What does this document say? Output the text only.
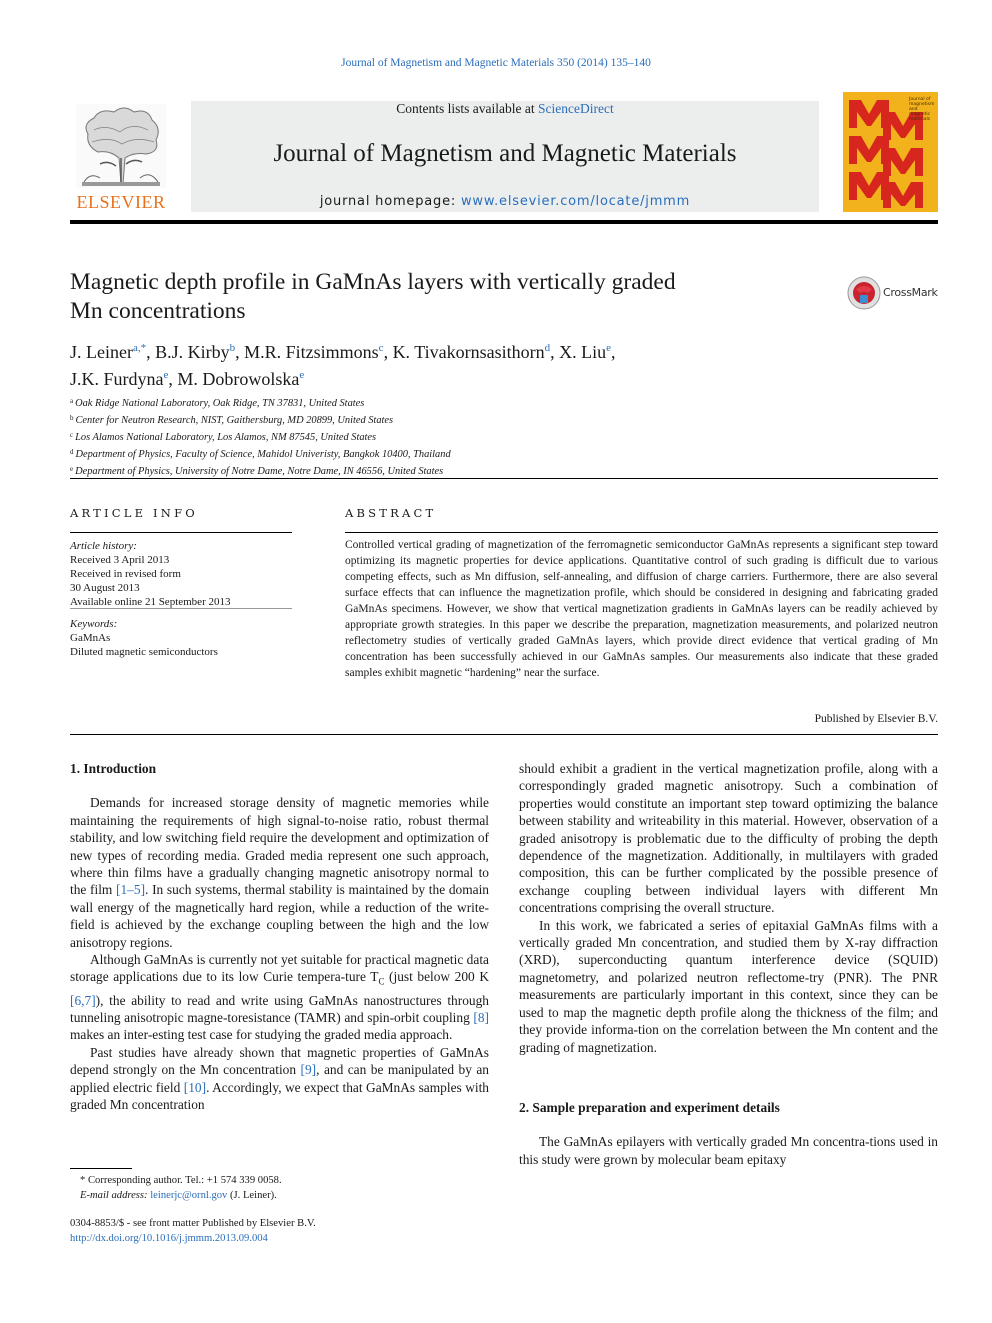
Journal of Magnetism and Magnetic Materials 350 (2014) 135–140
ELSEVIER
Contents lists available at ScienceDirect
Journal of Magnetism and Magnetic Materials
journal homepage: www.elsevier.com/locate/jmmm
Journal of magnetism and magnetic materials
Magnetic depth profile in GaMnAs layers with vertically graded
Mn concentrations
CrossMark
J. Leiner$^{a,*}$, B.J. Kirby$^b$, M.R. Fitzsimmons$^c$, K. Tivakornsasithorn$^d$, X. Liu$^e$,
J.K. Furdyna$^e$, M. Dobrowolska$^e$
$^a$ Oak Ridge National Laboratory, Oak Ridge, TN 37831, United States
$^b$ Center for Neutron Research, NIST, Gaithersburg, MD 20899, United States
$^c$ Los Alamos National Laboratory, Los Alamos, NM 87545, United States
$^d$ Department of Physics, Faculty of Science, Mahidol Univeristy, Bangkok 10400, Thailand
$^e$ Department of Physics, University of Notre Dame, Notre Dame, IN 46556, United States
ARTICLE INFO
Article history:
Received 3 April 2013
Received in revised form
30 August 2013
Available online 21 September 2013
Keywords:
GaMnAs
Diluted magnetic semiconductors
ABSTRACT
Controlled vertical grading of magnetization of the ferromagnetic semiconductor GaMnAs represents a significant step toward optimizing its magnetic properties for device applications. Quantitative control of such grading is difficult due to various competing effects, such as Mn diffusion, self-annealing, and diffusion of charge carriers. Furthermore, there are also several surface effects that can influence the magnetization profile, which should be considered in designing and fabricating graded GaMnAs specimens. However, we show that vertical magnetization gradients in GaMnAs layers can be readily achieved by appropriate growth strategies. In this paper we describe the preparation, magnetization measurements, and polarized neutron reflectometry studies of vertically graded GaMnAs layers, which provide direct evidence that vertical grading of Mn concentration has been successfully achieved in our GaMnAs samples. Our measurements also indicate that these graded samples exhibit magnetic “hardening” near the surface.
Published by Elsevier B.V.

1. Introduction

Demands for increased storage density of magnetic memories while maintaining the requirements of high signal-to-noise ratio, robust thermal stability, and low switching field require the development and optimization of new types of recording media. Graded media represent one such approach, where thin films have a gradually changing magnetic anisotropy normal to the film [1–5]. In such systems, thermal stability is maintained by the domain wall energy of the magnetically hard region, while a reduction of the write-field is achieved by the exchange coupling between the high and the low anisotropy regions.

Although GaMnAs is currently not yet suitable for practical magnetic data storage applications due to its low Curie tempera-ture $T_C$ (just below 200 K [6,7]), the ability to read and write using GaMnAs nanostructures through tunneling anisotropic magne-toresistance (TAMR) and spin-orbit coupling [8] makes an inter-esting test case for studying the graded media approach.

Past studies have already shown that magnetic properties of GaMnAs depend strongly on the Mn concentration [9], and can be manipulated by an applied electric field [10]. Accordingly, we expect that GaMnAs samples with graded Mn concentration

should exhibit a gradient in the vertical magnetization profile, along with a correspondingly graded magnetic anisotropy. Such a combination of properties would constitute an important step toward optimizing the balance between stability and writeability in this material. However, observation of a graded anisotropy is problematic due to the difficulty of probing the depth dependence of the magnetization. Additionally, in multilayers with graded composition, this can be further complicated by the possible presence of exchange coupling between individual layers with different Mn concentrations comprising the overall structure.

In this work, we fabricated a series of epitaxial GaMnAs films with a vertically graded Mn concentration, and studied them by X-ray diffraction (XRD), superconducting quantum interference device (SQUID) magnetometry, and polarized neutron reflectome-try (PNR). The PNR measurements are particularly important in this context, since they can be used to map the magnetic depth profile along the thickness of the film; and they provide informa-tion on the correlation between the Mn content and the grading of magnetization.

2. Sample preparation and experiment details

The GaMnAs epilayers with vertically graded Mn concentra-tions used in this study were grown by molecular beam epitaxy

* Corresponding author. Tel.: +1 574 339 0058.
E-mail address: leinerjc@ornl.gov (J. Leiner).
0304-8853/$ - see front matter Published by Elsevier B.V.
http://dx.doi.org/10.1016/j.jmmm.2013.09.004
